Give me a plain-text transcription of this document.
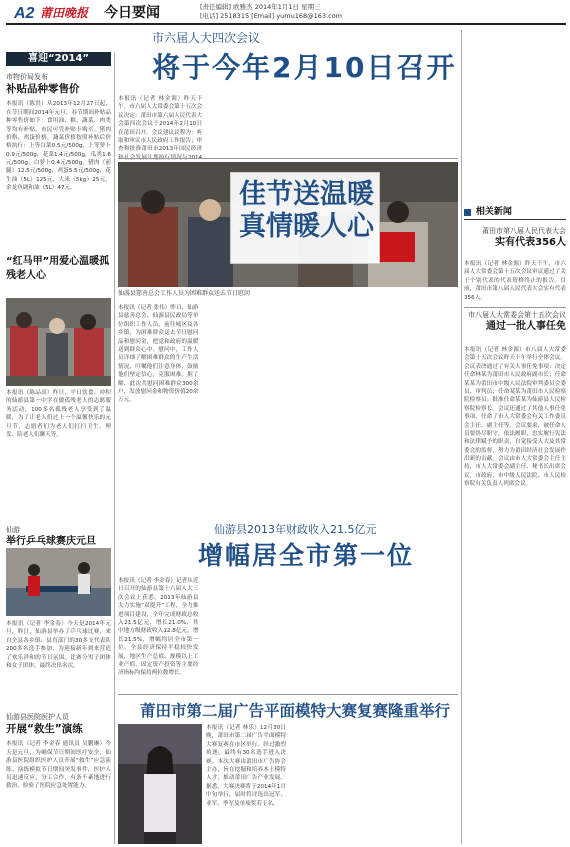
A2 莆田晚报 今日要闻	[责任编辑] 欧雅杰 2014年1月1日 星期三
[电话] 2518315 [Email] yumu168@163.com
喜迎“2014”
市物价局发布
补贴品种零售价
本报讯（陈洪）从2013年12月27日起，在节日期间2014年元旦、春节期间补贴品种零售价如下：食用油、粮、蔬菜、肉类等均有补贴，市民可凭补贴卡购买。猪肉价格、鸡蛋价格、蔬菜价格按照补贴后价格执行：上等白菜0.5元/500g，上等萝卜0.9元/500g，花菜1.4元/500g，瓜类1.6元/500g，白萝卜0.4元/500g，猪肉（前腿）12.5元/500g，鸡蛋5.5元/500g，花生油（5L）125元，大米（5kg）25元，金龙鱼调和油（5L）47元。
“红马甲”用爱心温暖孤残老人心
本报讯（陈品高）昨日，平日饮食、冲积的仙游县第一中学在做孤残老人的志愿服务活动，100多名孤残老人享受到了温暖，为了让老人们过上一个温馨快乐的元旦节，志愿者们为老人们打扫卫生、理发、陪老人们聊天等。
仙游
举行乒乓球赛庆元旦
本报讯（记者 李金春）今天是2014年元旦，昨日，仙游县举办了乒乓球比赛，来自全县各乡镇、县直部门的30多支代表队200多名选手参加，为迎接新年到来营造了欢乐祥和的节日氛围。比赛分男子团体和女子团体，最终决出名次。
仙游县医院医护人员
开展“救生”演练
本报讯（记者 李金春 通讯员 吴鹏琳）今天是元旦，为确保节日期间医疗安全，仙游县医院组织医护人员开展“救生”应急演练。演练模拟节日期间突发事件，医护人员迅速反应，分工合作，有条不紊地进行救治，检验了医院应急处置能力。
市六届人大四次会议
将于今年2月10日召开
本报讯（记者 林金源）昨天下午，市六届人大常委会第十五次会议决定：莆田市第六届人民代表大会第四次会议于2014年2月10日在莆田召开。会议建议议程为：听取和审议市人民政府工作报告；审查和批准莆田市2013年国民经济
佳节送温暖
真情暖人心
仙游县慈善总会工作人员为困难群众送去节日慰问
本报讯（记者 张伟）昨日，仙游县慈善总会、仙游县民政局等单位组织工作人员，前往城区及各乡镇，为困难群众送去节日慰问品和慰问金，把党和政府的温暖送到群众心中。慰问中，工作人员详细了解困难群众的生产生活情况，叮嘱他们注意身体，鼓励他们坚定信心，克服困难。据了解，此次共慰问困难群众300余户，发放慰问金和物资价值20余万元。
仙游县2013年财政收入21.5亿元
增幅居全市第一位
本报讯（记者 李金春）记者从近日召开的仙游县第十六届人大三次会议上获悉，2013年仙游县大力实施“双提升”工程，全力推进项目建设，全年完成财政总收入21.5亿元，增长21.0%，其中地方级财政收入12.8亿元，增长21.5%，增幅均居全市第一位。全县经济保持平稳较快发展，地区生产总值、规模以上工业产值、固定资产投资等主要经济指标均保持两位数增长。
莆田市第二届广告平面模特大赛复赛隆重举行
本报讯（记者 林乐）12月30日晚，莆田市第二届广告平面模特大赛复赛在市区举行。经过激烈角逐，最终有30名选手进入决赛。本次大赛由莆田市广告协会主办，旨在挖掘和培养本土模特人才，推动莆田广告产业发展。据悉，大赛决赛将于2014年1月中旬举行，届时将评选出冠军、亚军、季军及单项奖若干名。
相关新闻
莆田市第八届人民代表大会
实有代表356人
本报讯（记者 林金源）昨天下午，市六届人大常委会第十五次会议审议通过了关于个别代表的代表资格终止的报告。目前，莆田市第八届人民代表大会实有代表356人。
市八届人大常委会第十五次会议
通过一批人事任免
本报讯（记者 林金源）市八届人大常委会第十五次会议昨天下午举行全体会议。会议表决通过了有关人事任免事项：决定任命林某为莆田市人民政府副市长；任命某某为莆田市中级人民法院审判委员会委员、审判员；任命某某为莆田市人民检察院检察员；批准任命某某为仙游县人民检察院检察长。会议还通过了其他人事任免事项，任命了市人大常委会有关工作委员会主任、副主任等。会议要求，被任命人员要恪尽职守，依法履职，忠实履行宪法和法律赋予的职责，自觉接受人大及其常委会的监督，努力为莆田经济社会发展作出新的贡献。会议由市人大常委会主任主持，市人大常委会副主任、秘书长出席会议，市政府、市中级人民法院、市人民检察院有关负责人列席会议。
